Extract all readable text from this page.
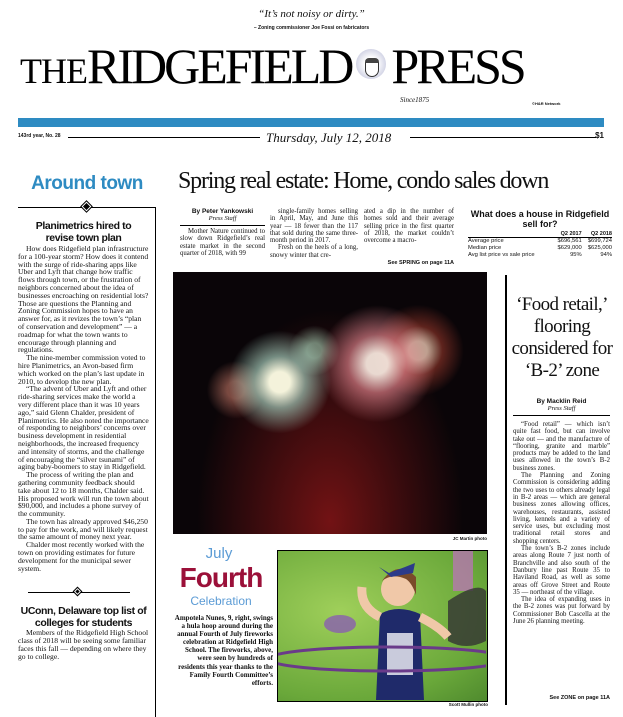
“It’s not noisy or dirty.”
– Zoning commissioner Joe Fossi on fabricators
THERIDGEFIELD PRESS
Since1875	©H&R Network
143rd year, No. 28	Thursday, July 12, 2018	$1
Around town
Planimetrics hired to revise town plan

How does Ridgefield plan infrastructure for a 100-year storm? How does it contend with the surge of ride-sharing apps like Uber and Lyft that change how traffic flows through town, or the frustration of neighbors concerned about the idea of businesses encroaching on residential lots? Those are questions the Planning and Zoning Commission hopes to have an answer for, as it revizes the town’s “plan of conservation and development” — a roadmap for what the town wants to encourage through planning and regulations.

The nine-member commission voted to hire Planimetrics, an Avon-based firm which worked on the plan’s last update in 2010, to develop the new plan.

“The advent of Uber and Lyft and other ride-sharing services make the world a very different place than it was 10 years ago,” said Glenn Chalder, president of Planimetrics. He also noted the importance of responding to neighbors’ concerns over business development in residential neighborhoods, the increased frequency and intensity of storms, and the challenge of encouraging the “silver tsunami” of aging baby-boomers to stay in Ridgefield.

The process of writing the plan and gathering community feedback should take about 12 to 18 months, Chalder said. His proposed work will run the town about $90,000, and includes a phone survey of the community.

The town has already approved $46,250 to pay for the work, and will likely request the same amount of money next year.

Chalder most recently worked with the town on providing estimates for future development for the municipal sewer system.

UConn, Delaware top list of colleges for students

Members of the Ridgefield High School class of 2018 will be seeing some familiar faces this fall — depending on where they go to college.

Spring real estate: Home, condo sales down
By Peter Yankowski
Press Staff

Mother Nature continued to slow down Ridgefield’s real estate market in the second quarter of 2018, with 99

single-family homes selling in April, May, and June this year — 18 fewer than the 117 that sold during the same three-month period in 2017.

Fresh on the heels of a long, snowy winter that cre-

ated a dip in the number of homes sold and their average selling price in the first quarter of 2018, the market couldn’t overcome a macro-

See SPRING on page 11A
What does a house in Ridgefield sell for?
	Q2 2017	Q2 2018
Average price	$696,561	$699,724
Median price	$629,000	$625,000
Avg list price vs sale price	95%	94%
JC Martin photo
July
Fourth
Celebration
Ampotela Nunes, 9, right, swings a hula hoop around during the annual Fourth of July fireworks celebration at Ridgefield High School. The fireworks, above, were seen by hundreds of residents this year thanks to the Family Fourth Committee’s efforts.
Scott Mullin photo
‘Food retail,’ flooring considered for ‘B-2’ zone
By Macklin Reid
Press Staff

“Food retail” — which isn’t quite fast food, but can involve take out — and the manufacture of “flooring, granite and marble” products may be added to the land uses allowed in the town’s B-2 business zones.

The Planning and Zoning Commission is considering adding the two uses to others already legal in B-2 areas — which are general business zones allowing offices, warehouses, restaurants, assisted living, kennels and a variety of service uses, but excluding most traditional retail stores and shopping centers.

The town’s B-2 zones include areas along Route 7 just north of Branchville and also south of the Danbury line past Route 35 to Haviland Road, as well as some areas off Grove Street and Route 35 — northeast of the village.

The idea of expanding uses in the B-2 zones was put forward by Commissioner Bob Cascella at the June 26 planning meeting.

See ZONE on page 11A
